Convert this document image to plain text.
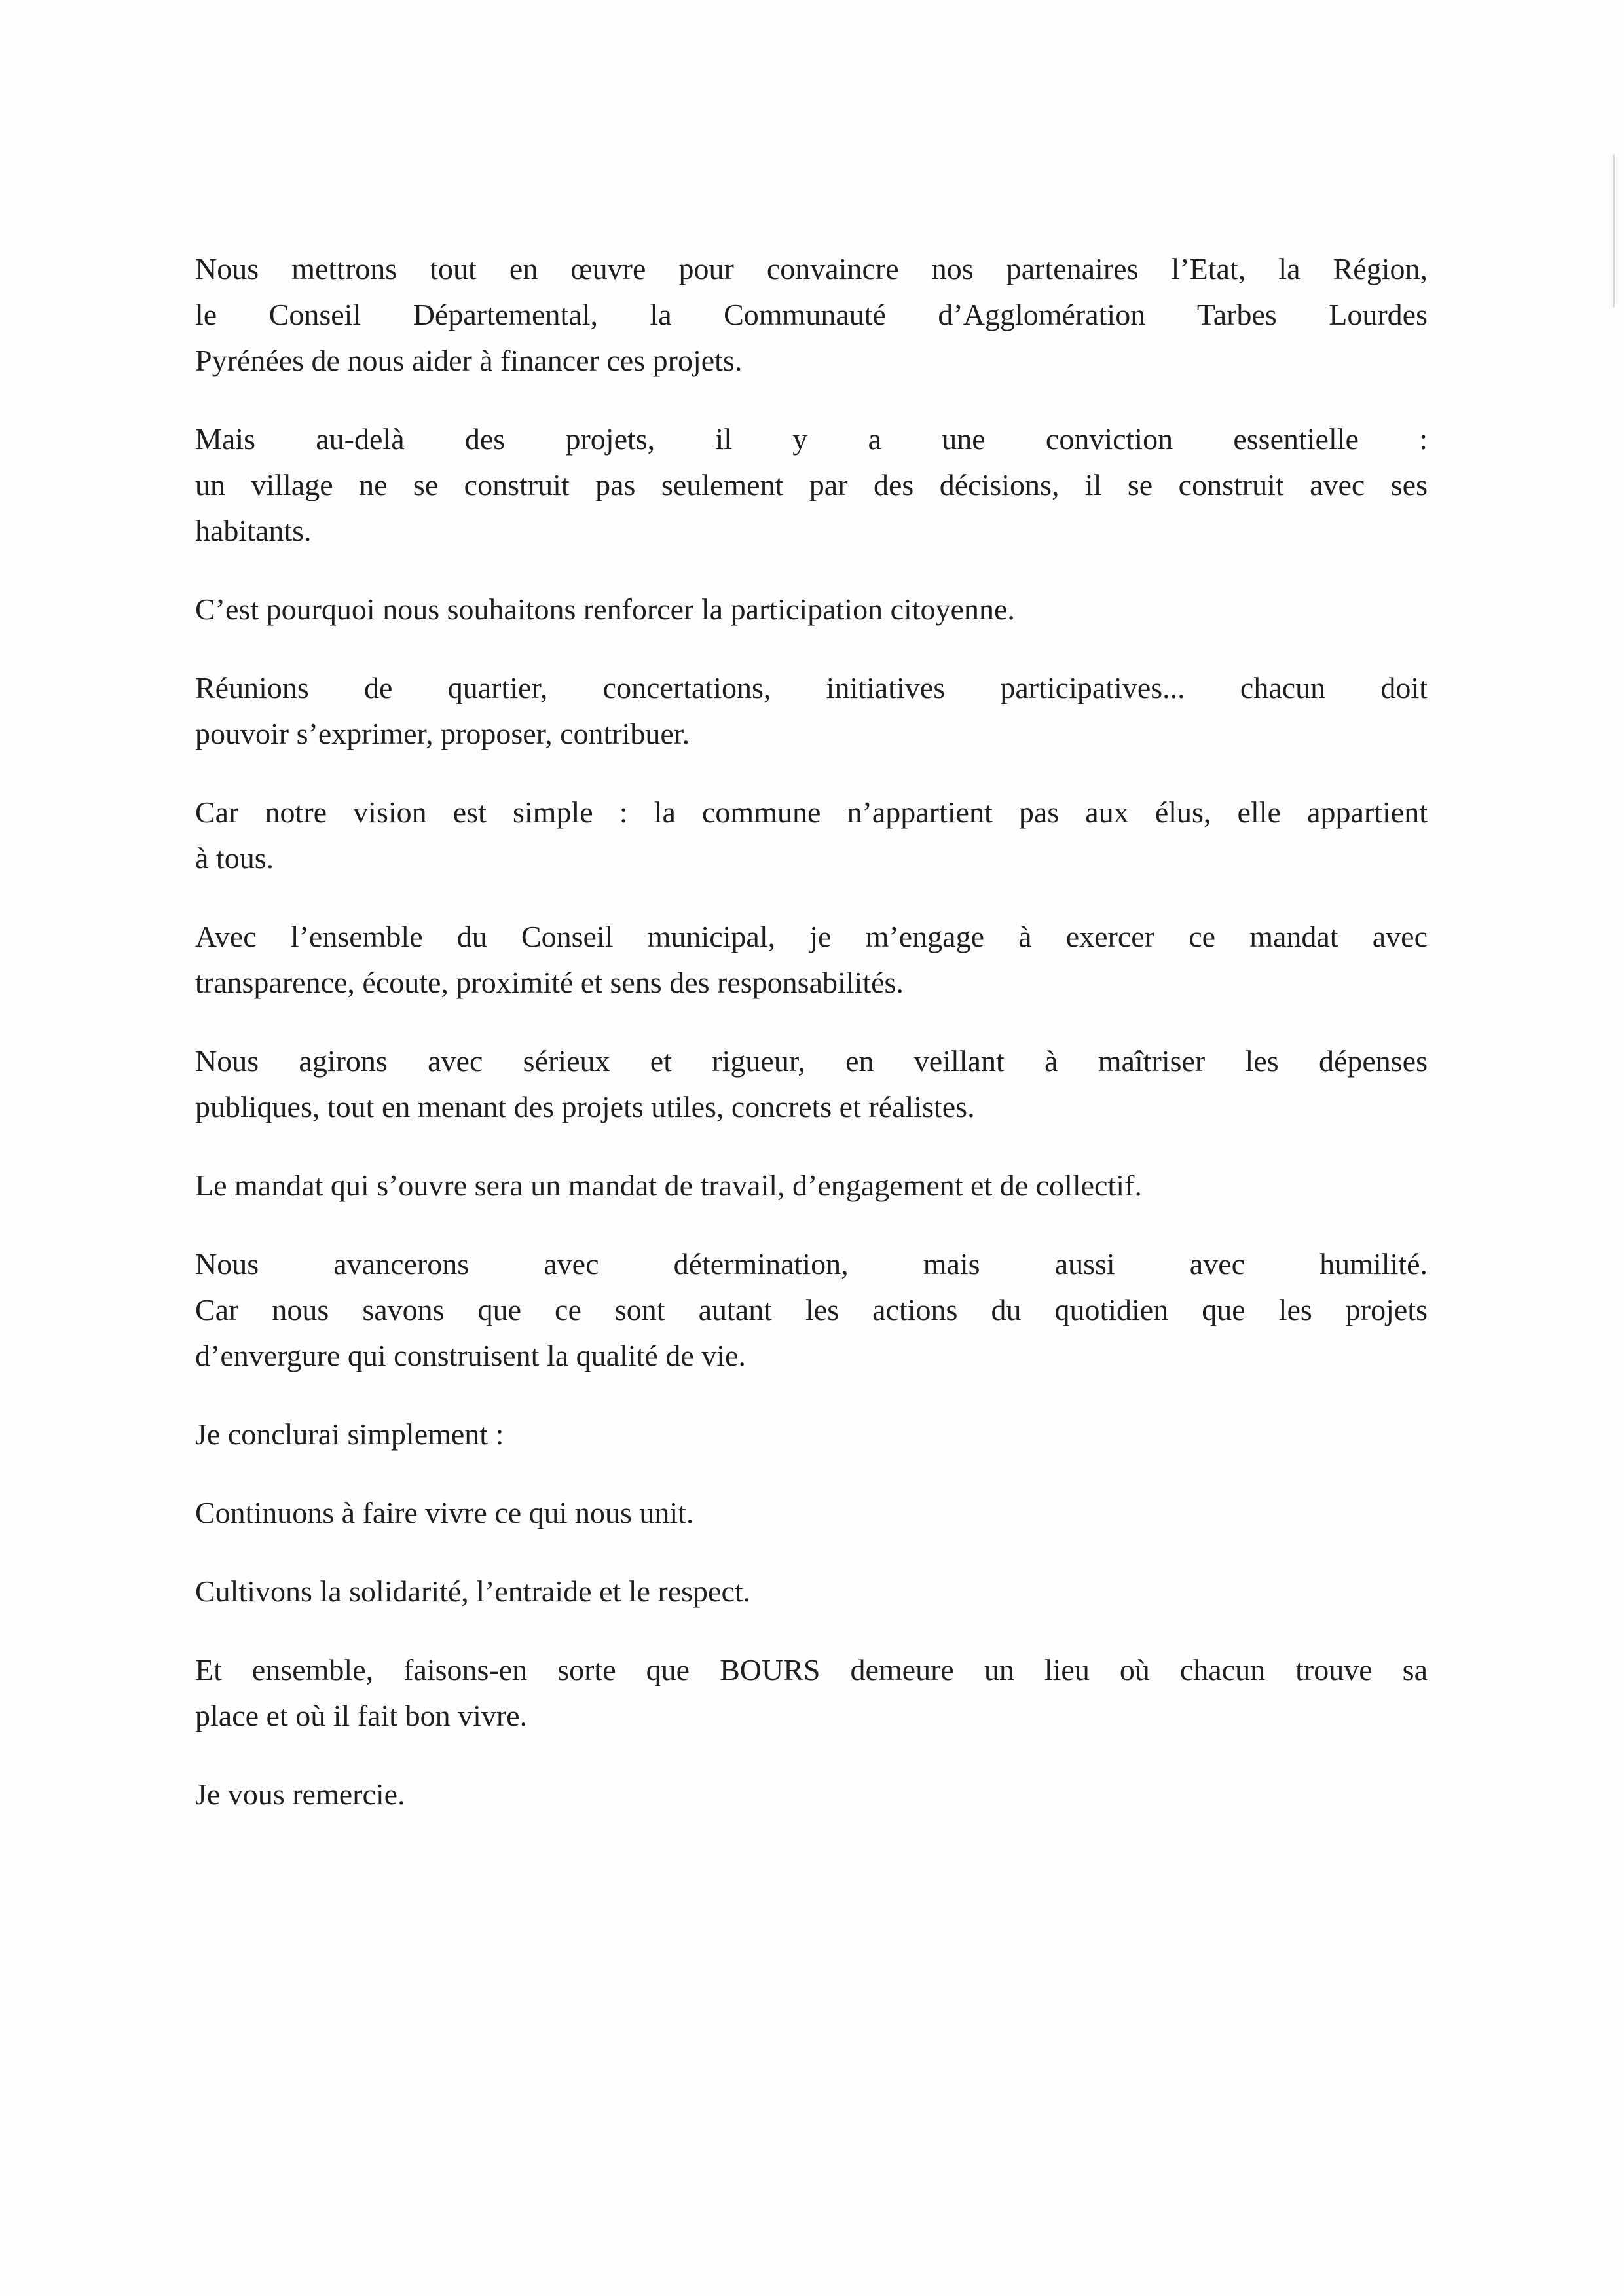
Nous mettrons tout en œuvre pour convaincre nos partenaires l’Etat, la Région,
le Conseil Départemental, la Communauté d’Agglomération Tarbes Lourdes
Pyrénées de nous aider à financer ces projets.
Mais au-delà des projets, il y a une conviction essentielle :
un village ne se construit pas seulement par des décisions, il se construit avec ses
habitants.
C’est pourquoi nous souhaitons renforcer la participation citoyenne.
Réunions de quartier, concertations, initiatives participatives... chacun doit
pouvoir s’exprimer, proposer, contribuer.
Car notre vision est simple : la commune n’appartient pas aux élus, elle appartient
à tous.
Avec l’ensemble du Conseil municipal, je m’engage à exercer ce mandat avec
transparence, écoute, proximité et sens des responsabilités.
Nous agirons avec sérieux et rigueur, en veillant à maîtriser les dépenses
publiques, tout en menant des projets utiles, concrets et réalistes.
Le mandat qui s’ouvre sera un mandat de travail, d’engagement et de collectif.
Nous avancerons avec détermination, mais aussi avec humilité.
Car nous savons que ce sont autant les actions du quotidien que les projets
d’envergure qui construisent la qualité de vie.
Je conclurai simplement :
Continuons à faire vivre ce qui nous unit.
Cultivons la solidarité, l’entraide et le respect.
Et ensemble, faisons-en sorte que BOURS demeure un lieu où chacun trouve sa
place et où il fait bon vivre.
Je vous remercie.
